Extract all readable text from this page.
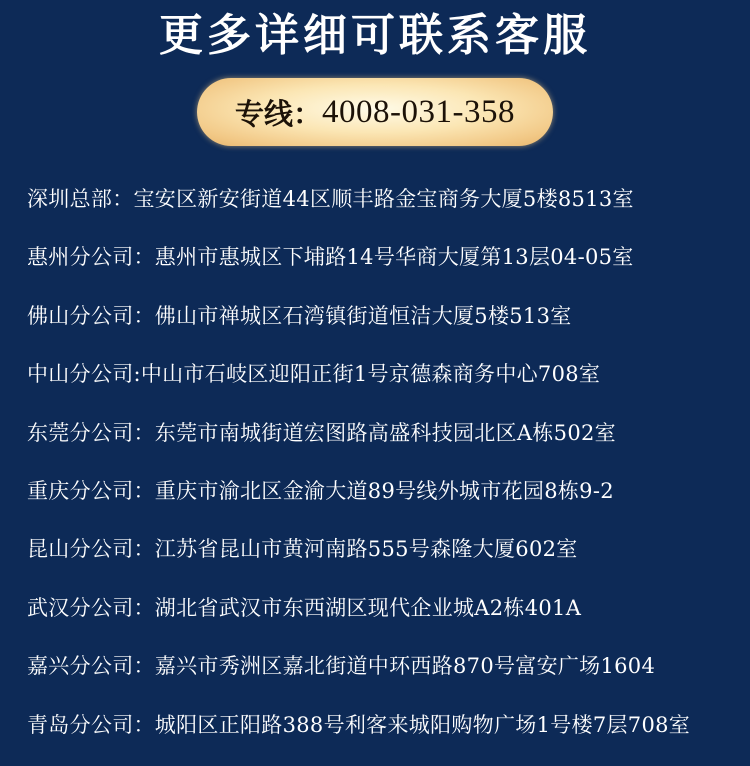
更多详细可联系客服
专线： 4008-031-358
深圳总部：宝安区新安街道44区顺丰路金宝商务大厦5楼8513室
惠州分公司：惠州市惠城区下埔路14号华商大厦第13层04-05室
佛山分公司：佛山市禅城区石湾镇街道恒洁大厦5楼513室
中山分公司:中山市石岐区迎阳正街1号京德森商务中心708室
东莞分公司：东莞市南城街道宏图路高盛科技园北区A栋502室
重庆分公司：重庆市渝北区金渝大道89号线外城市花园8栋9-2
昆山分公司：江苏省昆山市黄河南路555号森隆大厦602室
武汉分公司：湖北省武汉市东西湖区现代企业城A2栋401A
嘉兴分公司：嘉兴市秀洲区嘉北街道中环西路870号富安广场1604
青岛分公司：城阳区正阳路388号利客来城阳购物广场1号楼7层708室
